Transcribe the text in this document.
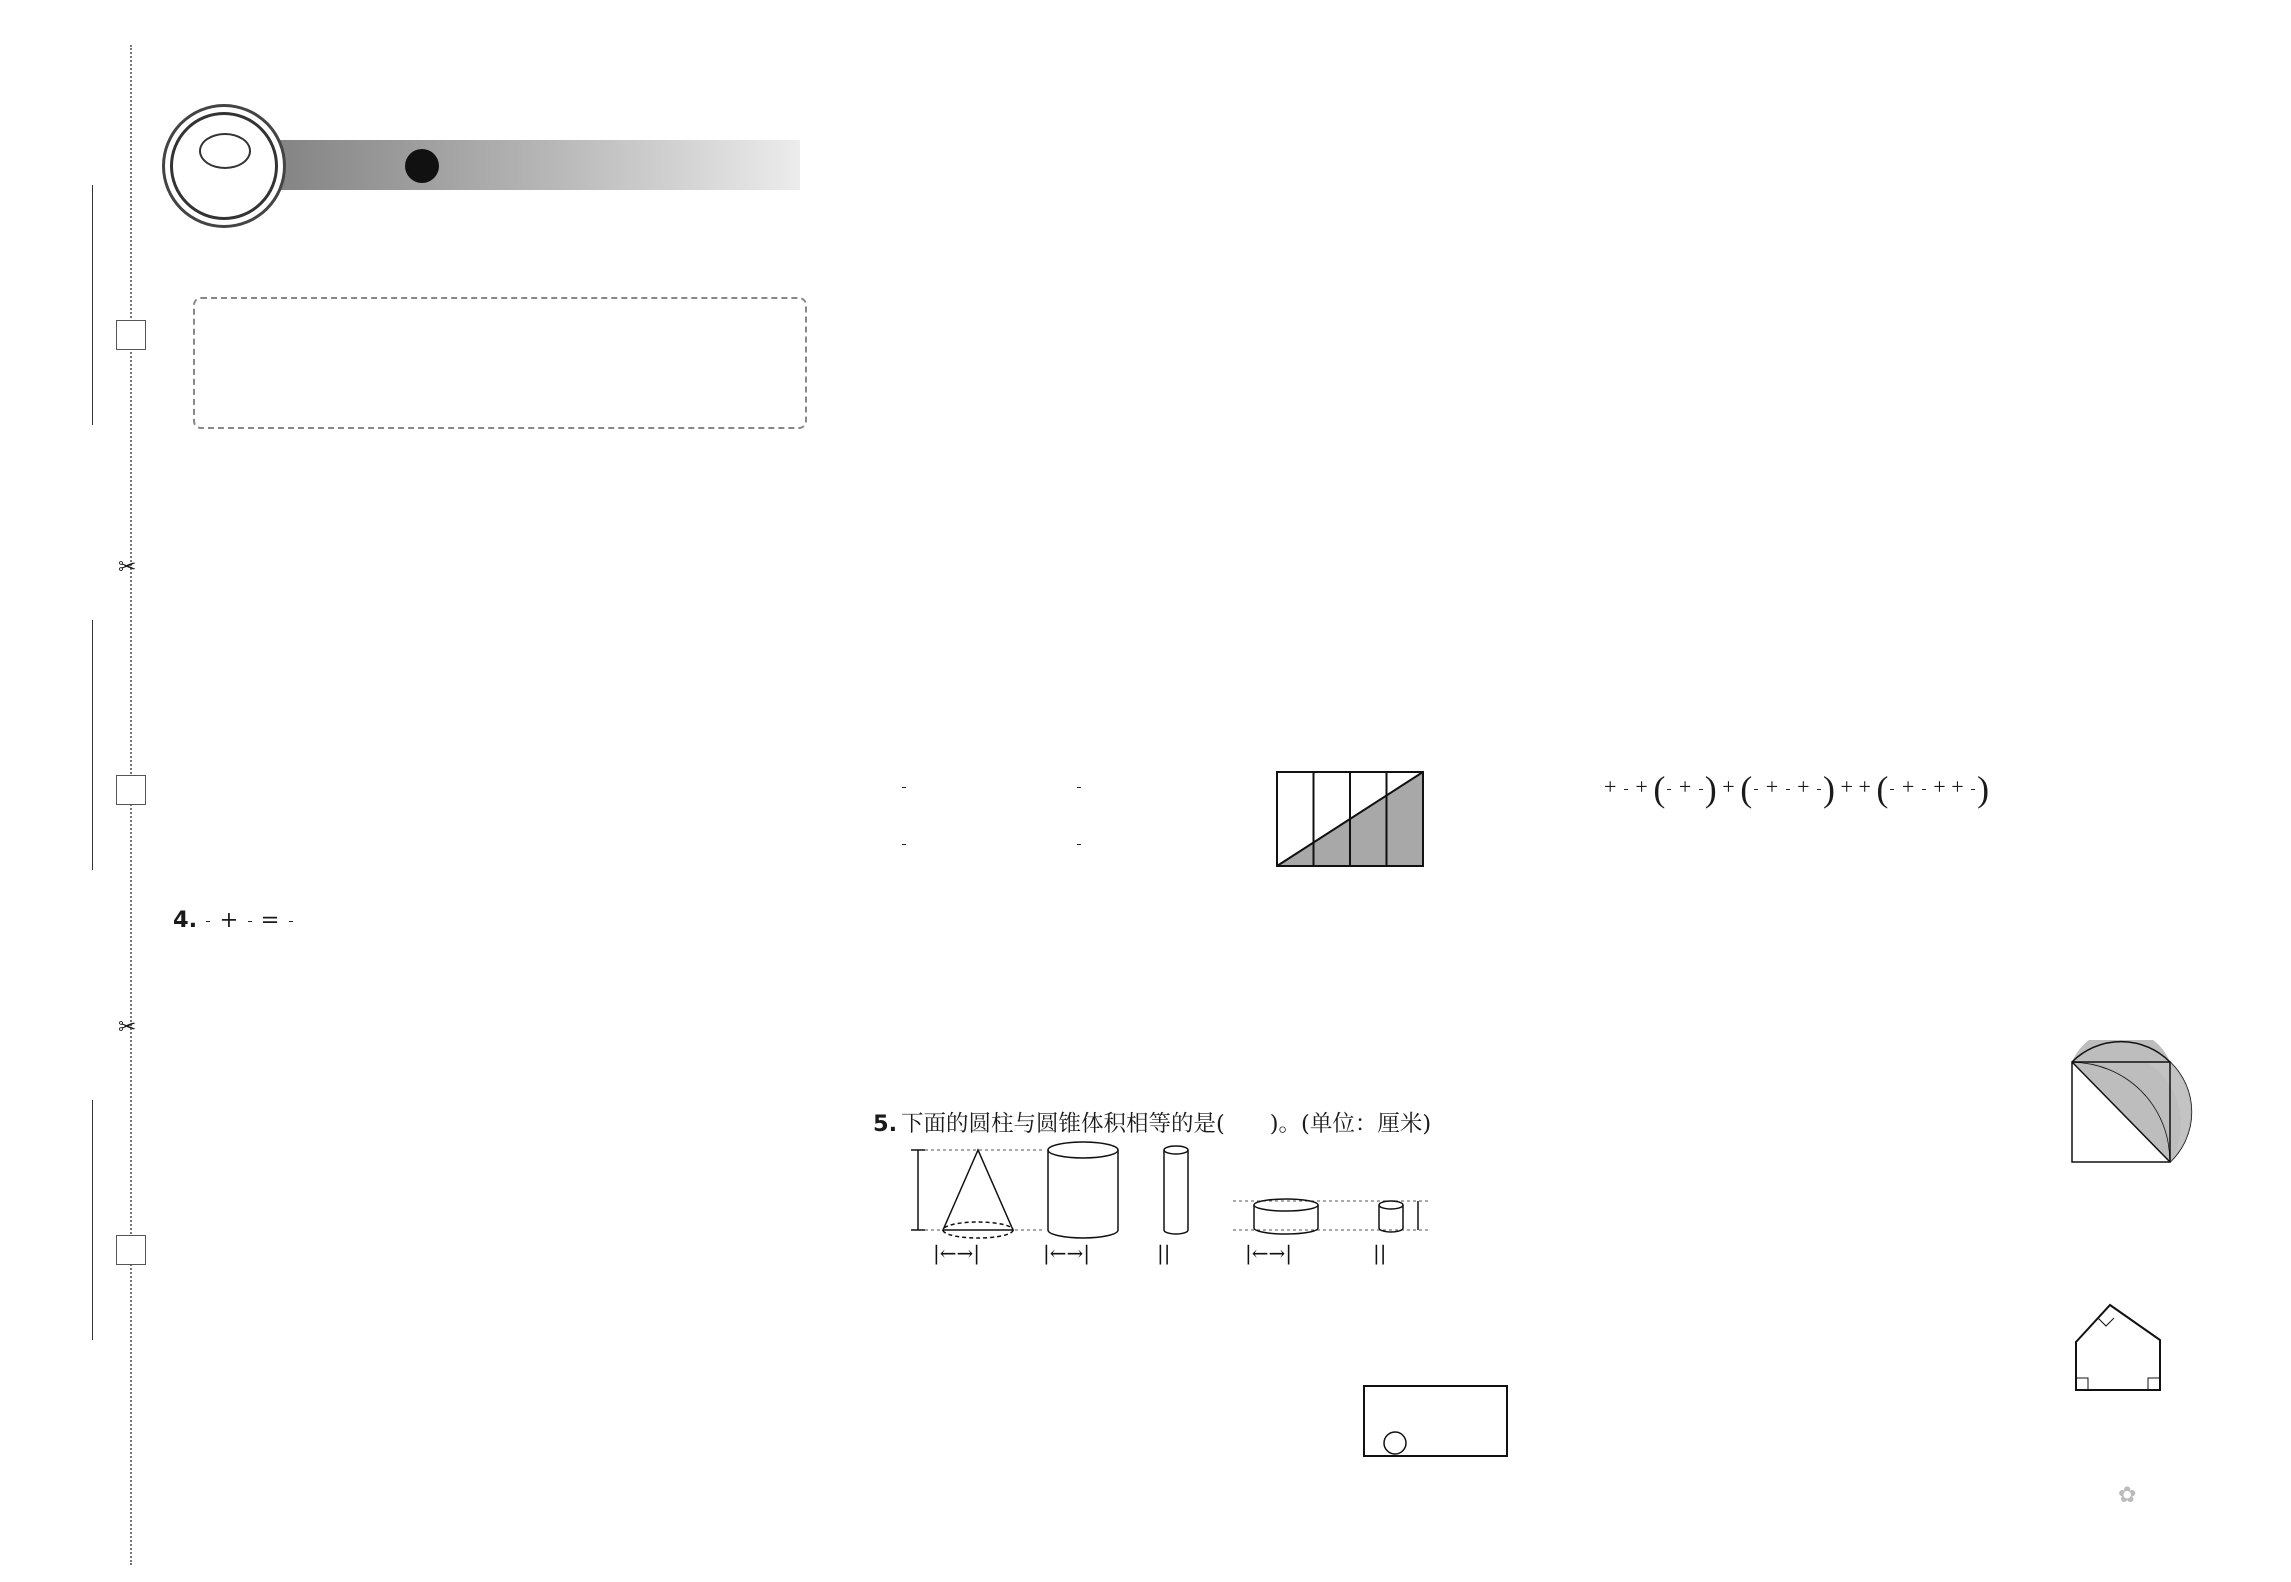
✂
✂
4.
+
=
5. 下面的圆柱与圆锥体积相等的是(　　)。(单位：厘米)
|←→|	|←→|	||	|←→|	||
+
+ (
+
) + (
+
+
) + + (
+
+ +
)
✿
